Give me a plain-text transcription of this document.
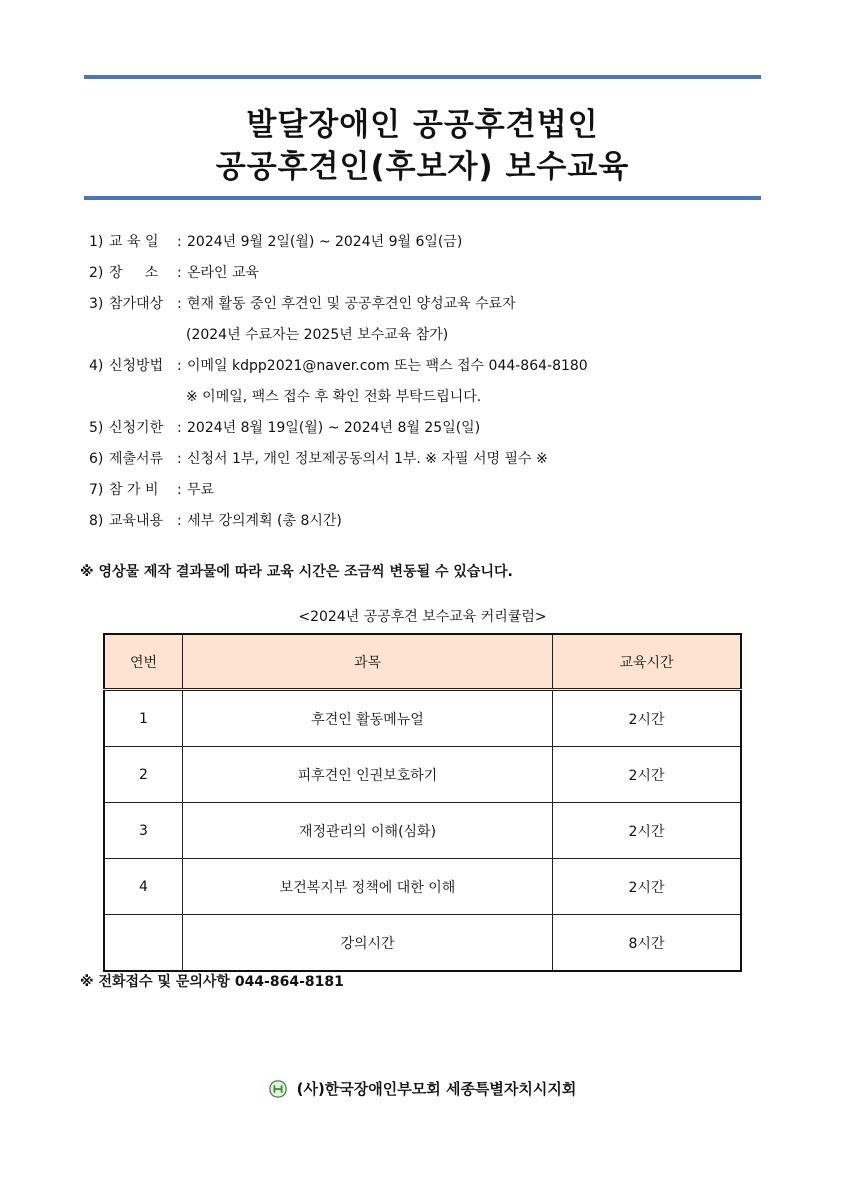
발달장애인 공공후견법인
공공후견인(후보자) 보수교육
1) 교 육 일	: 2024년 9월 2일(월) ~ 2024년 9월 6일(금)
2) 장     소	: 온라인 교육
3) 참가대상 : 현재 활동 중인 후견인 및 공공후견인 양성교육 수료자
(2024년 수료자는 2025년 보수교육 참가)
4) 신청방법 : 이메일 kdpp2021@naver.com 또는 팩스 접수 044-864-8180
※ 이메일, 팩스 접수 후 확인 전화 부탁드립니다.
5) 신청기한 : 2024년 8월 19일(월) ~ 2024년 8월 25일(일)
6) 제출서류 : 신청서 1부, 개인 정보제공동의서 1부. ※ 자필 서명 필수 ※
7) 참 가 비	: 무료
8) 교육내용 : 세부 강의계획 (총 8시간)
※ 영상물 제작 결과물에 따라 교육 시간은 조금씩 변동될 수 있습니다.
<2024년 공공후견 보수교육 커리큘럼>
연번	과목	교육시간
1	후견인 활동메뉴얼	2시간
2	피후견인 인권보호하기	2시간
3	재정관리의 이해(심화)	2시간
4	보건복지부 정책에 대한 이해	2시간
	강의시간	8시간
※ 전화접수 및 문의사항 044-864-8181
(사)한국장애인부모회 세종특별자치시지회
